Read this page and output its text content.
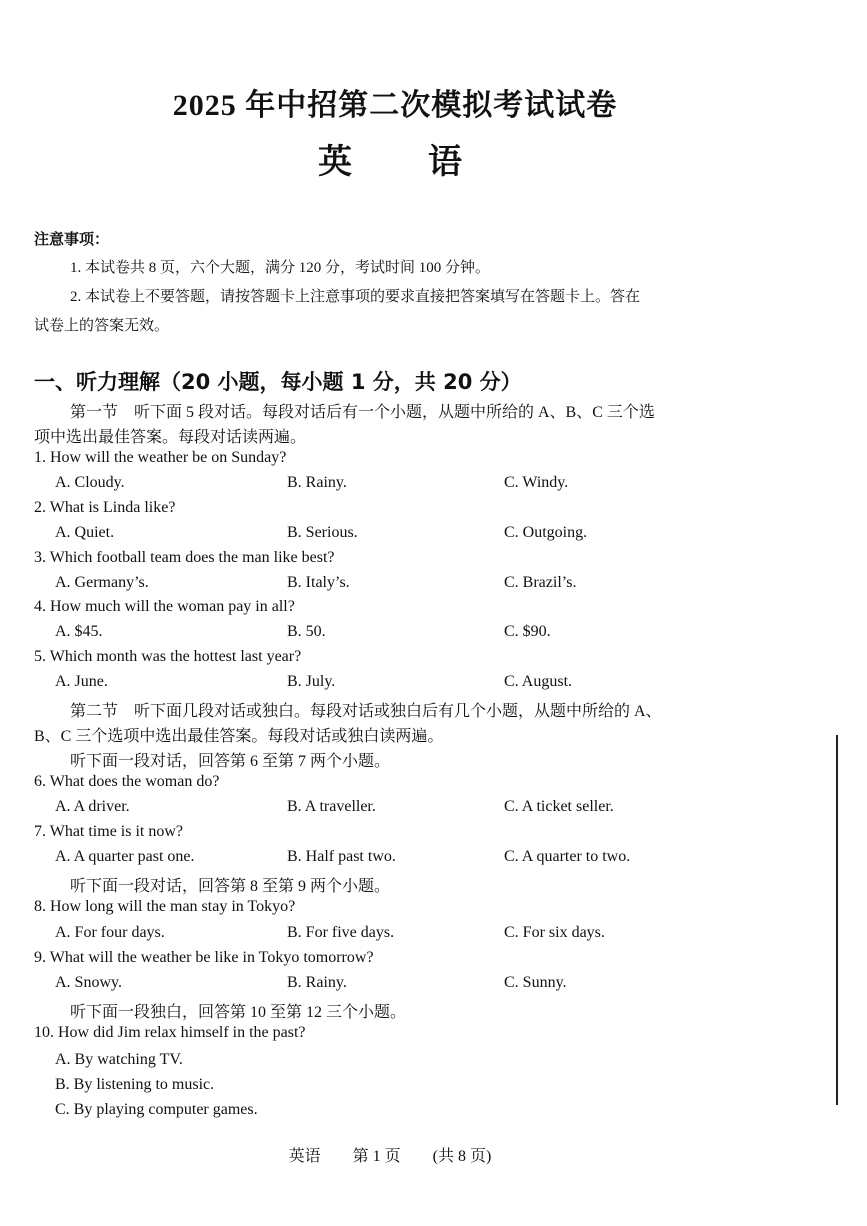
2025 年中招第二次模拟考试试卷
英 语
注意事项：
1. 本试卷共 8 页，六个大题，满分 120 分，考试时间 100 分钟。
2. 本试卷上不要答题，请按答题卡上注意事项的要求直接把答案填写在答题卡上。答在
试卷上的答案无效。
一、听力理解（20 小题，每小题 1 分，共 20 分）
第一节　听下面 5 段对话。每段对话后有一个小题，从题中所给的 A、B、C 三个选
项中选出最佳答案。每段对话读两遍。
1. How will the weather be on Sunday?
A. Cloudy.	B. Rainy.	C. Windy.
2. What is Linda like?
A. Quiet.	B. Serious.	C. Outgoing.
3. Which football team does the man like best?
A. Germany’s.	B. Italy’s.	C. Brazil’s.
4. How much will the woman pay in all?
A. $45.	B. 50.	C. $90.
5. Which month was the hottest last year?
A. June.	B. July.	C. August.
第二节　听下面几段对话或独白。每段对话或独白后有几个小题，从题中所给的 A、
B、C 三个选项中选出最佳答案。每段对话或独白读两遍。
听下面一段对话，回答第 6 至第 7 两个小题。
6. What does the woman do?
A. A driver.	B. A traveller.	C. A ticket seller.
7. What time is it now?
A. A quarter past one.	B. Half past two.	C. A quarter to two.
听下面一段对话，回答第 8 至第 9 两个小题。
8. How long will the man stay in Tokyo?
A. For four days.	B. For five days.	C. For six days.
9. What will the weather be like in Tokyo tomorrow?
A. Snowy.	B. Rainy.	C. Sunny.
听下面一段独白，回答第 10 至第 12 三个小题。
10. How did Jim relax himself in the past?
A. By watching TV.
B. By listening to music.
C. By playing computer games.
英语 第 1 页 (共 8 页)
